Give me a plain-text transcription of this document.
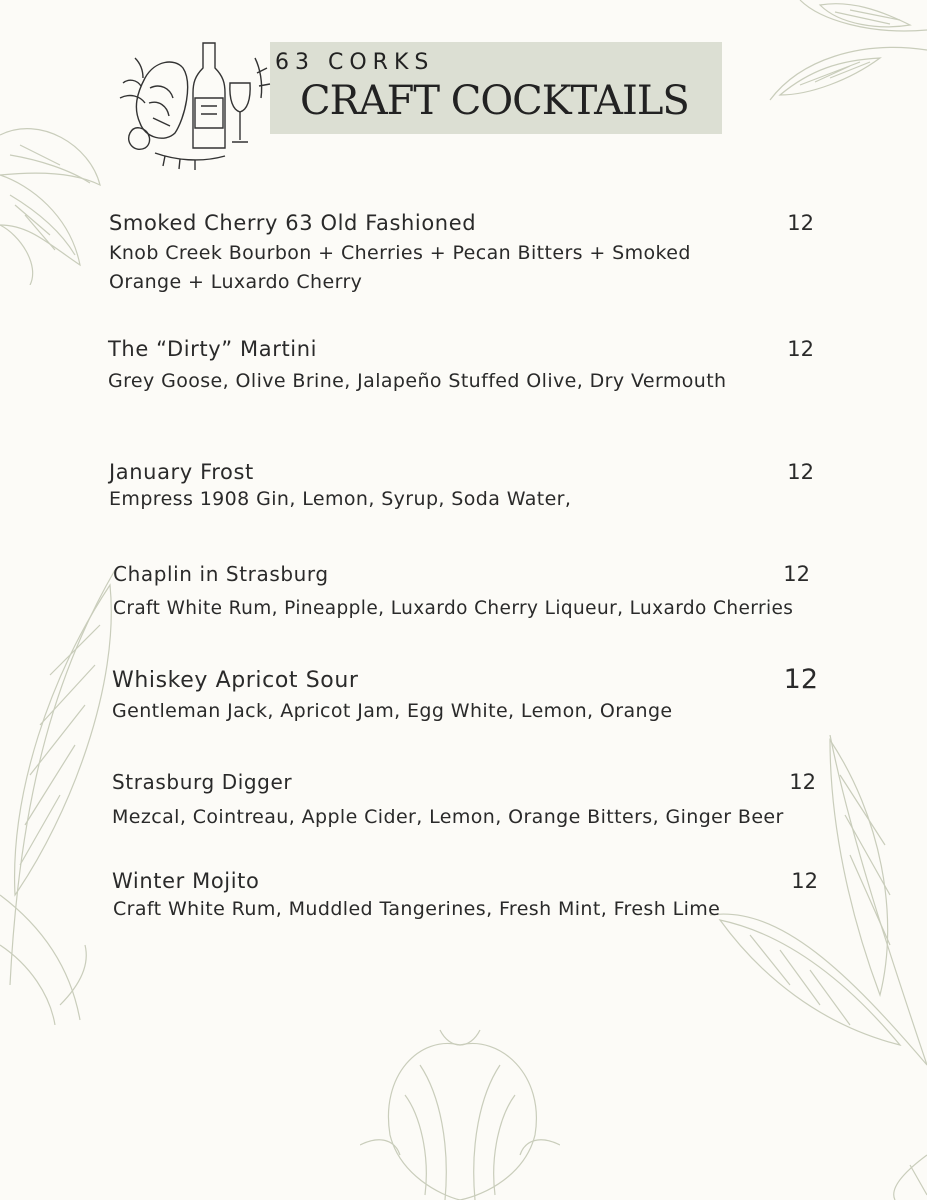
63 CORKS
CRAFT COCKTAILS
Smoked Cherry 63 Old Fashioned	12
Knob Creek Bourbon + Cherries + Pecan Bitters + Smoked
Orange + Luxardo Cherry
The “Dirty” Martini	12
Grey Goose, Olive Brine, Jalapeño Stuffed Olive, Dry Vermouth
January Frost	12
Empress 1908 Gin, Lemon, Syrup, Soda Water,
Chaplin in Strasburg	12
Craft White Rum, Pineapple, Luxardo Cherry Liqueur, Luxardo Cherries
Whiskey Apricot Sour	12
Gentleman Jack, Apricot Jam, Egg White, Lemon, Orange
Strasburg Digger	12
Mezcal, Cointreau, Apple Cider, Lemon, Orange Bitters, Ginger Beer
Winter Mojito	12
Craft White Rum, Muddled Tangerines, Fresh Mint, Fresh Lime
